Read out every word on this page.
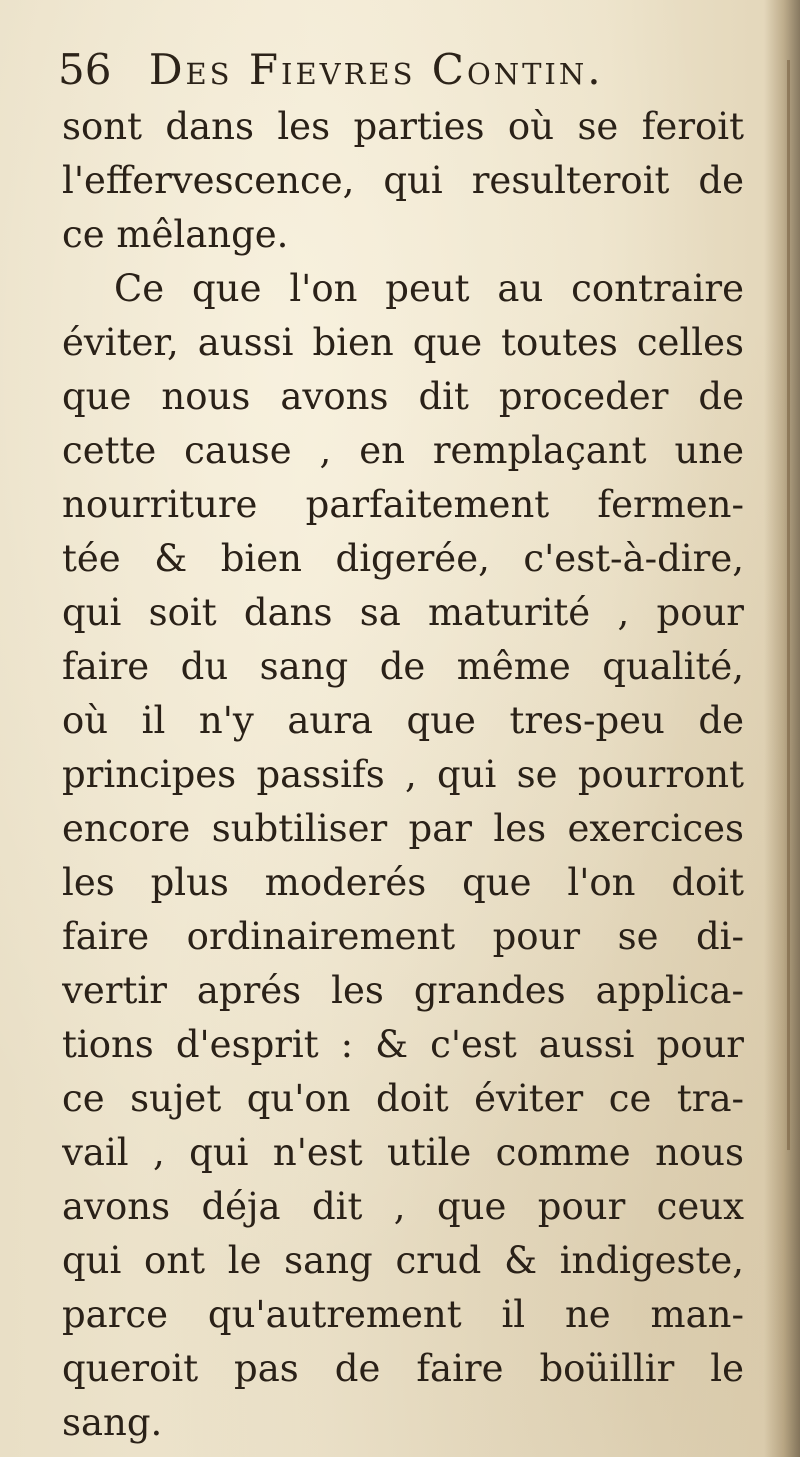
56 Des Fievres Contin.
sont dans les parties où se feroit
l'effervescence, qui resulteroit de
ce mêlange.
Ce que l'on peut au contraire
éviter, aussi bien que toutes celles
que nous avons dit proceder de
cette cause , en remplaçant une
nourriture parfaitement fermen-
tée & bien digerée, c'est-à-dire,
qui soit dans sa maturité , pour
faire du sang de même qualité,
où il n'y aura que tres-peu de
principes passifs , qui se pourront
encore subtiliser par les exercices
les plus moderés que l'on doit
faire ordinairement pour se di-
vertir aprés les grandes applica-
tions d'esprit : & c'est aussi pour
ce sujet qu'on doit éviter ce tra-
vail , qui n'est utile comme nous
avons déja dit , que pour ceux
qui ont le sang crud & indigeste,
parce qu'autrement il ne man-
queroit pas de faire boüillir le
sang.
